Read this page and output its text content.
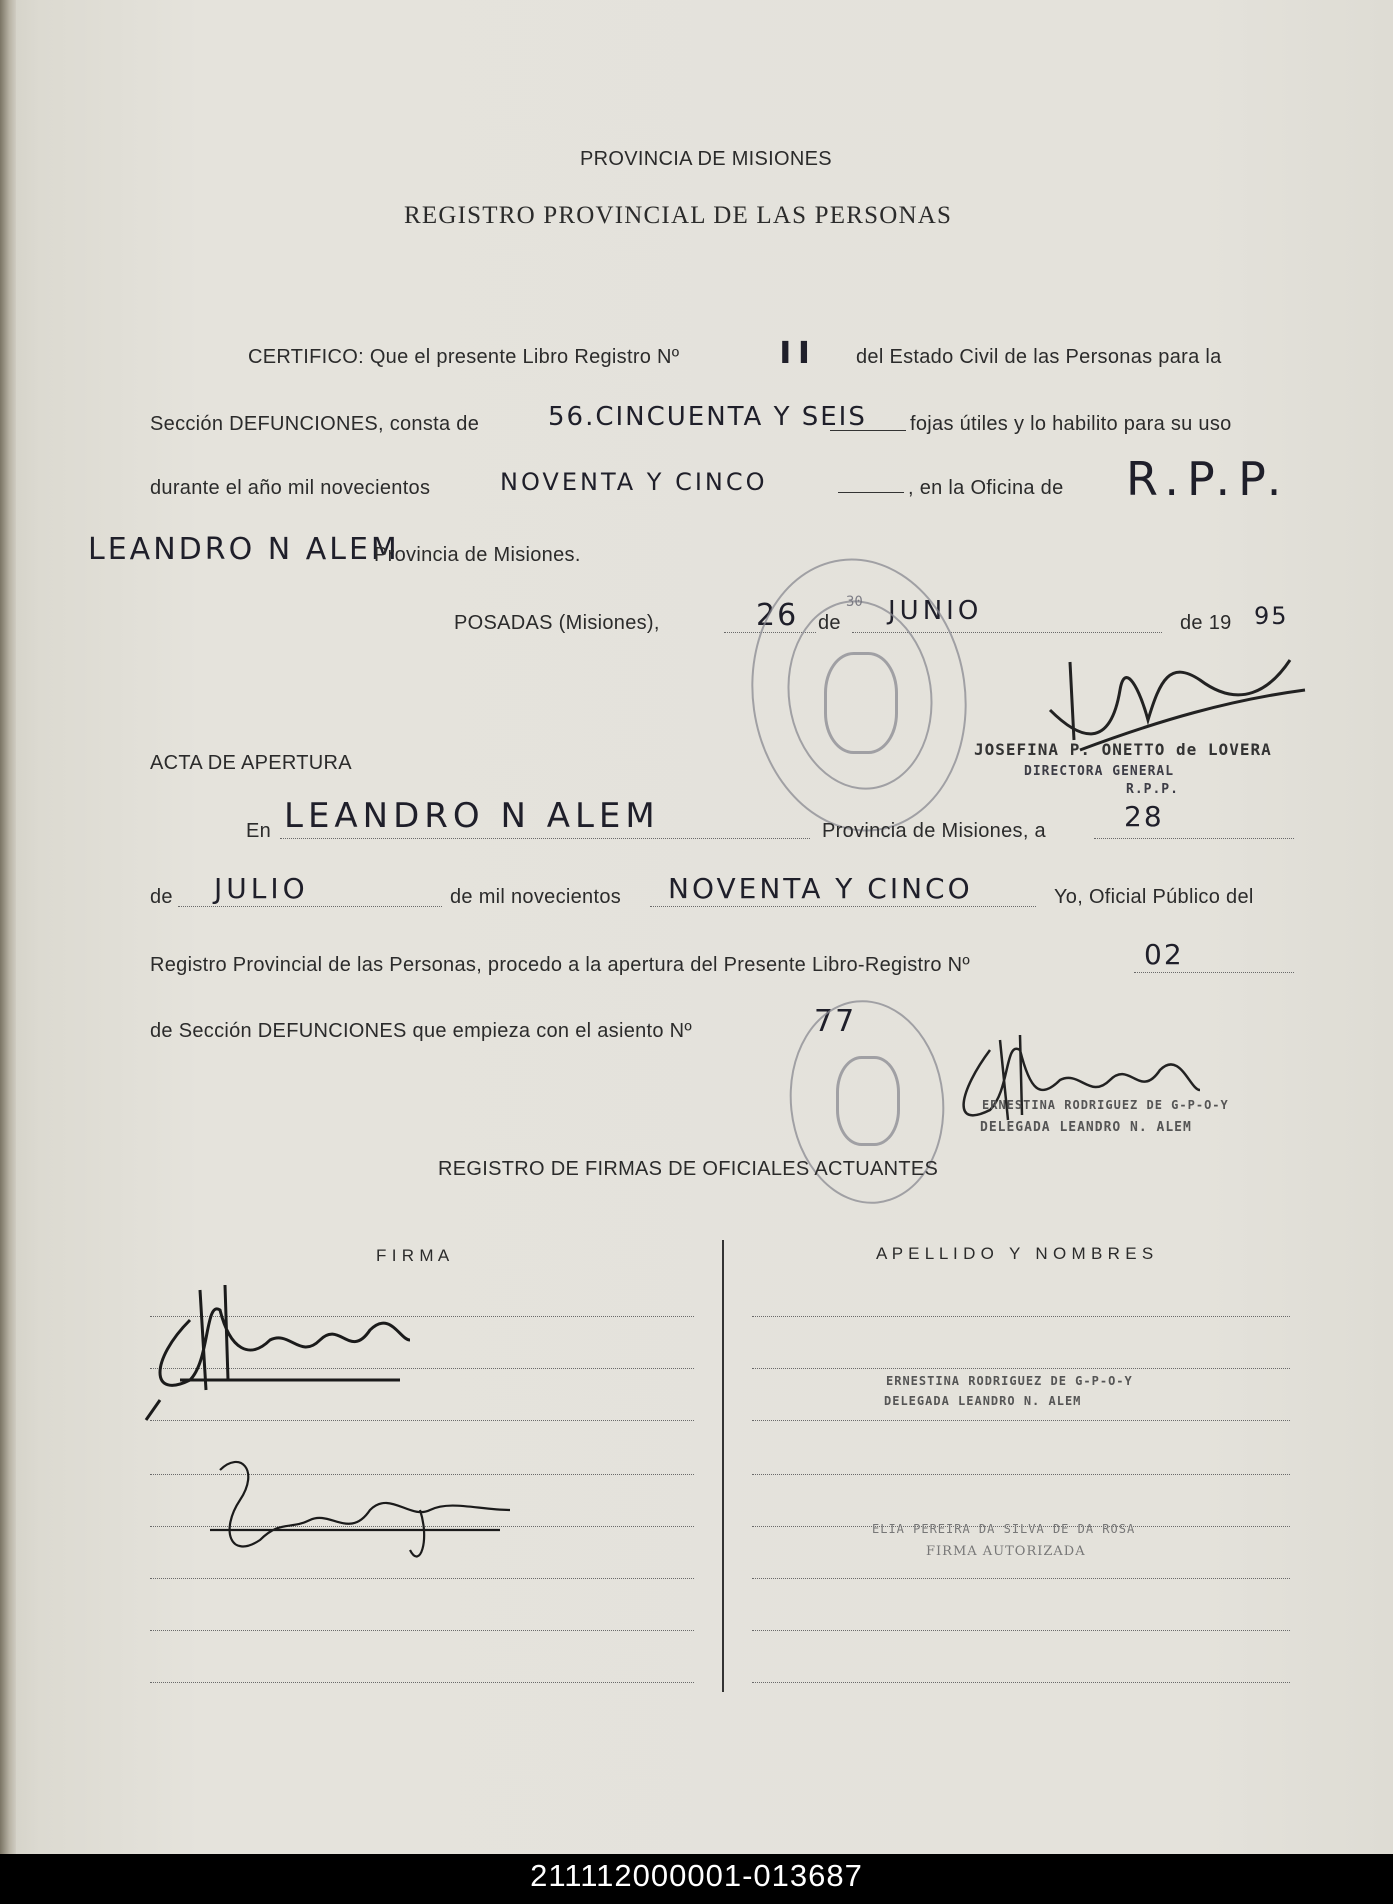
PROVINCIA DE MISIONES
REGISTRO PROVINCIAL DE LAS PERSONAS
CERTIFICO: Que el presente Libro Registro Nº	II del Estado Civil de las Personas para la
Sección DEFUNCIONES, consta de	56.CINCUENTA Y SEIS fojas útiles y lo habilito para su uso
durante el año mil novecientos	NOVENTA Y CINCO	, en la Oficina de R.P.P.
LEANDRO N ALEM
Provincia de Misiones.
POSADAS (Misiones),	26 de JUNIO	de 19 95
30
JOSEFINA P. ONETTO de LOVERA
DIRECTORA GENERAL
R.P.P.
ACTA DE APERTURA
En LEANDRO N ALEM	Provincia de Misiones, a	28
de JULIO	de mil novecientos NOVENTA Y CINCO	Yo, Oficial Público del
Registro Provincial de las Personas, procedo a la apertura del Presente Libro-Registro Nº	02
de Sección DEFUNCIONES que empieza con el asiento Nº	77
ERNESTINA RODRIGUEZ DE G-P-O-Y
DELEGADA LEANDRO N. ALEM
REGISTRO DE FIRMAS DE OFICIALES ACTUANTES
F I R M A	A P E L L I D O   Y   N O M B R E S
ERNESTINA RODRIGUEZ DE G-P-O-Y
DELEGADA LEANDRO N. ALEM
ELIA PEREIRA DA SILVA DE DA ROSA
FIRMA AUTORIZADA
211112000001-013687
